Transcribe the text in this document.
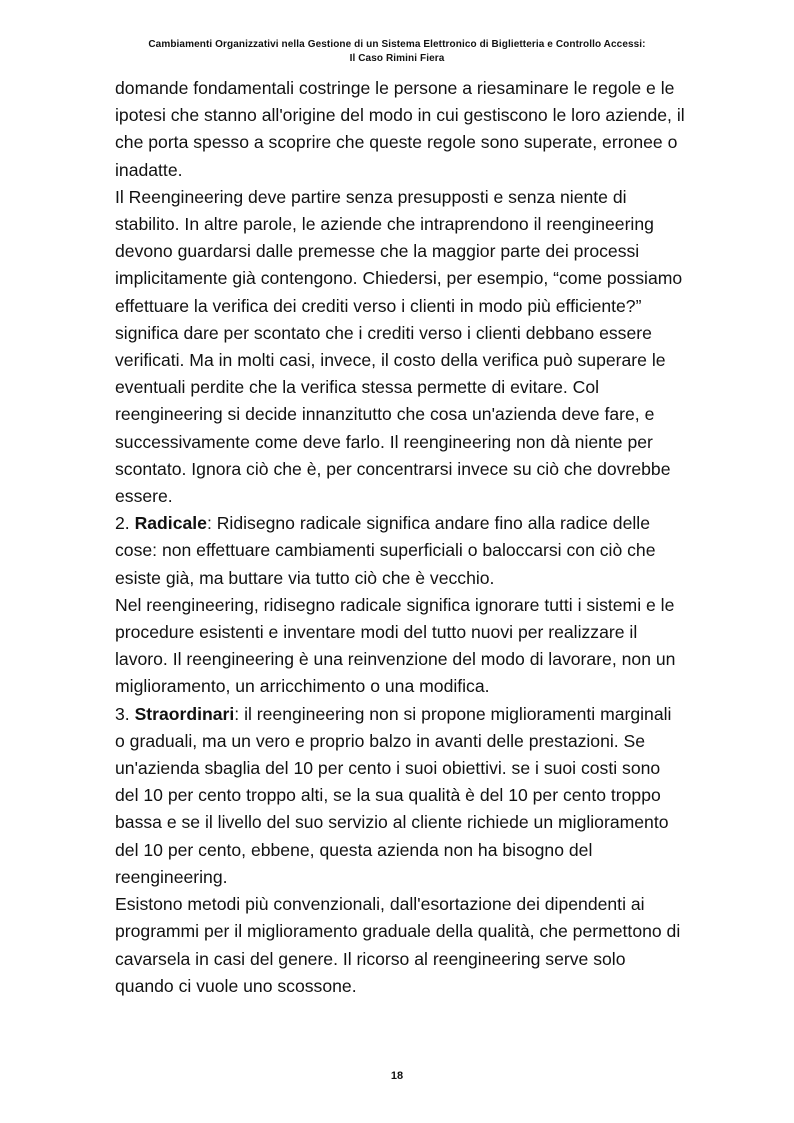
Cambiamenti Organizzativi nella Gestione di un Sistema Elettronico di Biglietteria e Controllo Accessi:
Il Caso Rimini Fiera

domande fondamentali costringe le persone a riesaminare le regole e le ipotesi che stanno all'origine del modo in cui gestiscono le loro aziende, il che porta spesso a scoprire che queste regole sono superate, erronee o inadatte.

Il Reengineering deve partire senza presupposti e senza niente di stabilito. In altre parole, le aziende che intraprendono il reengineering devono guardarsi dalle premesse che la maggior parte dei processi implicitamente già contengono. Chiedersi, per esempio, “come possiamo effettuare la verifica dei crediti verso i clienti in modo più efficiente?” significa dare per scontato che i crediti verso i clienti debbano essere verificati. Ma in molti casi, invece, il costo della verifica può superare le eventuali perdite che la verifica stessa permette di evitare. Col reengineering si decide innanzitutto che cosa un'azienda deve fare, e successivamente come deve farlo. Il reengineering non dà niente per scontato. Ignora ciò che è, per concentrarsi invece su ciò che dovrebbe essere.

2. Radicale: Ridisegno radicale significa andare fino alla radice delle cose: non effettuare cambiamenti superficiali o baloccarsi con ciò che esiste già, ma buttare via tutto ciò che è vecchio.

Nel reengineering, ridisegno radicale significa ignorare tutti i sistemi e le procedure esistenti e inventare modi del tutto nuovi per realizzare il lavoro. Il reengineering è una reinvenzione del modo di lavorare, non un miglioramento, un arricchimento o una modifica.

3. Straordinari: il reengineering non si propone miglioramenti marginali o graduali, ma un vero e proprio balzo in avanti delle prestazioni. Se un'azienda sbaglia del 10 per cento i suoi obiettivi. se i suoi costi sono del 10 per cento troppo alti, se la sua qualità è del 10 per cento troppo bassa e se il livello del suo servizio al cliente richiede un miglioramento del 10 per cento, ebbene, questa azienda non ha bisogno del reengineering.

Esistono metodi più convenzionali, dall'esortazione dei dipendenti ai programmi per il miglioramento graduale della qualità, che permettono di cavarsela in casi del genere. Il ricorso al reengineering serve solo quando ci vuole uno scossone.

18
